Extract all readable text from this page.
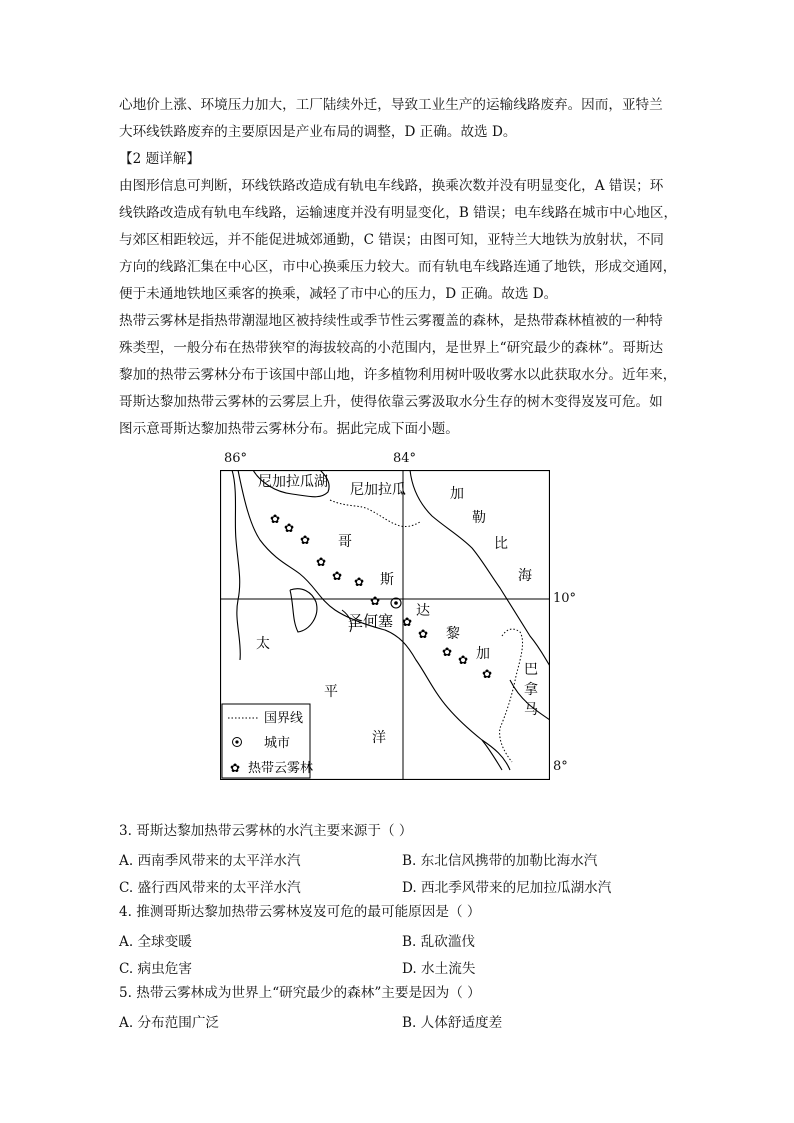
心地价上涨、环境压力加大，工厂陆续外迁，导致工业生产的运输线路废弃。因而，亚特兰
大环线铁路废弃的主要原因是产业布局的调整，D 正确。故选 D。
【2 题详解】
由图形信息可判断，环线铁路改造成有轨电车线路，换乘次数并没有明显变化，A 错误；环
线铁路改造成有轨电车线路，运输速度并没有明显变化，B 错误；电车线路在城市中心地区，
与郊区相距较远，并不能促进城郊通勤，C 错误；由图可知，亚特兰大地铁为放射状，不同
方向的线路汇集在中心区，市中心换乘压力较大。而有轨电车线路连通了地铁，形成交通网，
便于未通地铁地区乘客的换乘，减轻了市中心的压力，D 正确。故选 D。
热带云雾林是指热带潮湿地区被持续性或季节性云雾覆盖的森林，是热带森林植被的一种特
殊类型，一般分布在热带狭窄的海拔较高的小范围内，是世界上“研究最少的森林”。哥斯达
黎加的热带云雾林分布于该国中部山地，许多植物利用树叶吸收雾水以此获取水分。近年来，
哥斯达黎加热带云雾林的云雾层上升，使得依靠云雾汲取水分生存的树木变得岌岌可危。如
图示意哥斯达黎加热带云雾林分布。据此完成下面小题。
86°	84°
10°
8°
✿
✿
✿
✿
✿ ✿
✿
✿
✿
✿
✿
✿
尼加拉瓜湖 尼加拉瓜	加
勒
比
海
哥
斯
达
黎
加
圣何塞
太
平
洋
巴
拿
马
国界线
城市
✿ 热带云雾林
3. 哥斯达黎加热带云雾林的水汽主要来源于（ ）
A. 西南季风带来的太平洋水汽	B. 东北信风携带的加勒比海水汽
C. 盛行西风带来的太平洋水汽	D. 西北季风带来的尼加拉瓜湖水汽
4. 推测哥斯达黎加热带云雾林岌岌可危的最可能原因是（ ）
A. 全球变暖	B. 乱砍滥伐
C. 病虫危害	D. 水土流失
5. 热带云雾林成为世界上“研究最少的森林”主要是因为（ ）
A. 分布范围广泛	B. 人体舒适度差
